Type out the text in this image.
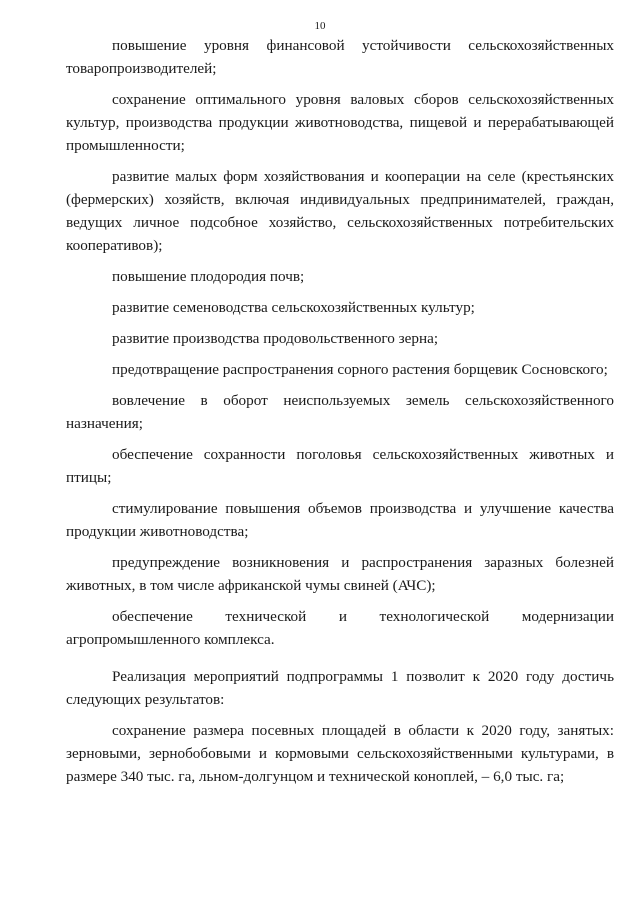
10

повышение уровня финансовой устойчивости сельскохозяйственных товаропроизводителей;

сохранение оптимального уровня валовых сборов сельскохозяйственных культур, производства продукции животноводства, пищевой и перерабатывающей промышленности;

развитие малых форм хозяйствования и кооперации на селе (крестьянских (фермерских) хозяйств, включая индивидуальных предпринимателей, граждан, ведущих личное подсобное хозяйство, сельскохозяйственных потребительских кооперативов);

повышение плодородия почв;

развитие семеноводства сельскохозяйственных культур;

развитие производства продовольственного зерна;

предотвращение распространения сорного растения борщевик Сосновского;

вовлечение в оборот неиспользуемых земель сельскохозяйственного назначения;

обеспечение сохранности поголовья сельскохозяйственных животных и птицы;

стимулирование повышения объемов производства и улучшение качества продукции животноводства;

предупреждение возникновения и распространения заразных болезней животных, в том числе африканской чумы свиней (АЧС);

обеспечение технической и технологической модернизации агропромышленного комплекса.

Реализация мероприятий подпрограммы 1 позволит к 2020 году достичь следующих результатов:

сохранение размера посевных площадей в области к 2020 году, занятых: зерновыми, зернобобовыми и кормовыми сельскохозяйственными культурами, в размере 340 тыс. га, льном-долгунцом и технической коноплей, – 6,0 тыс. га;
